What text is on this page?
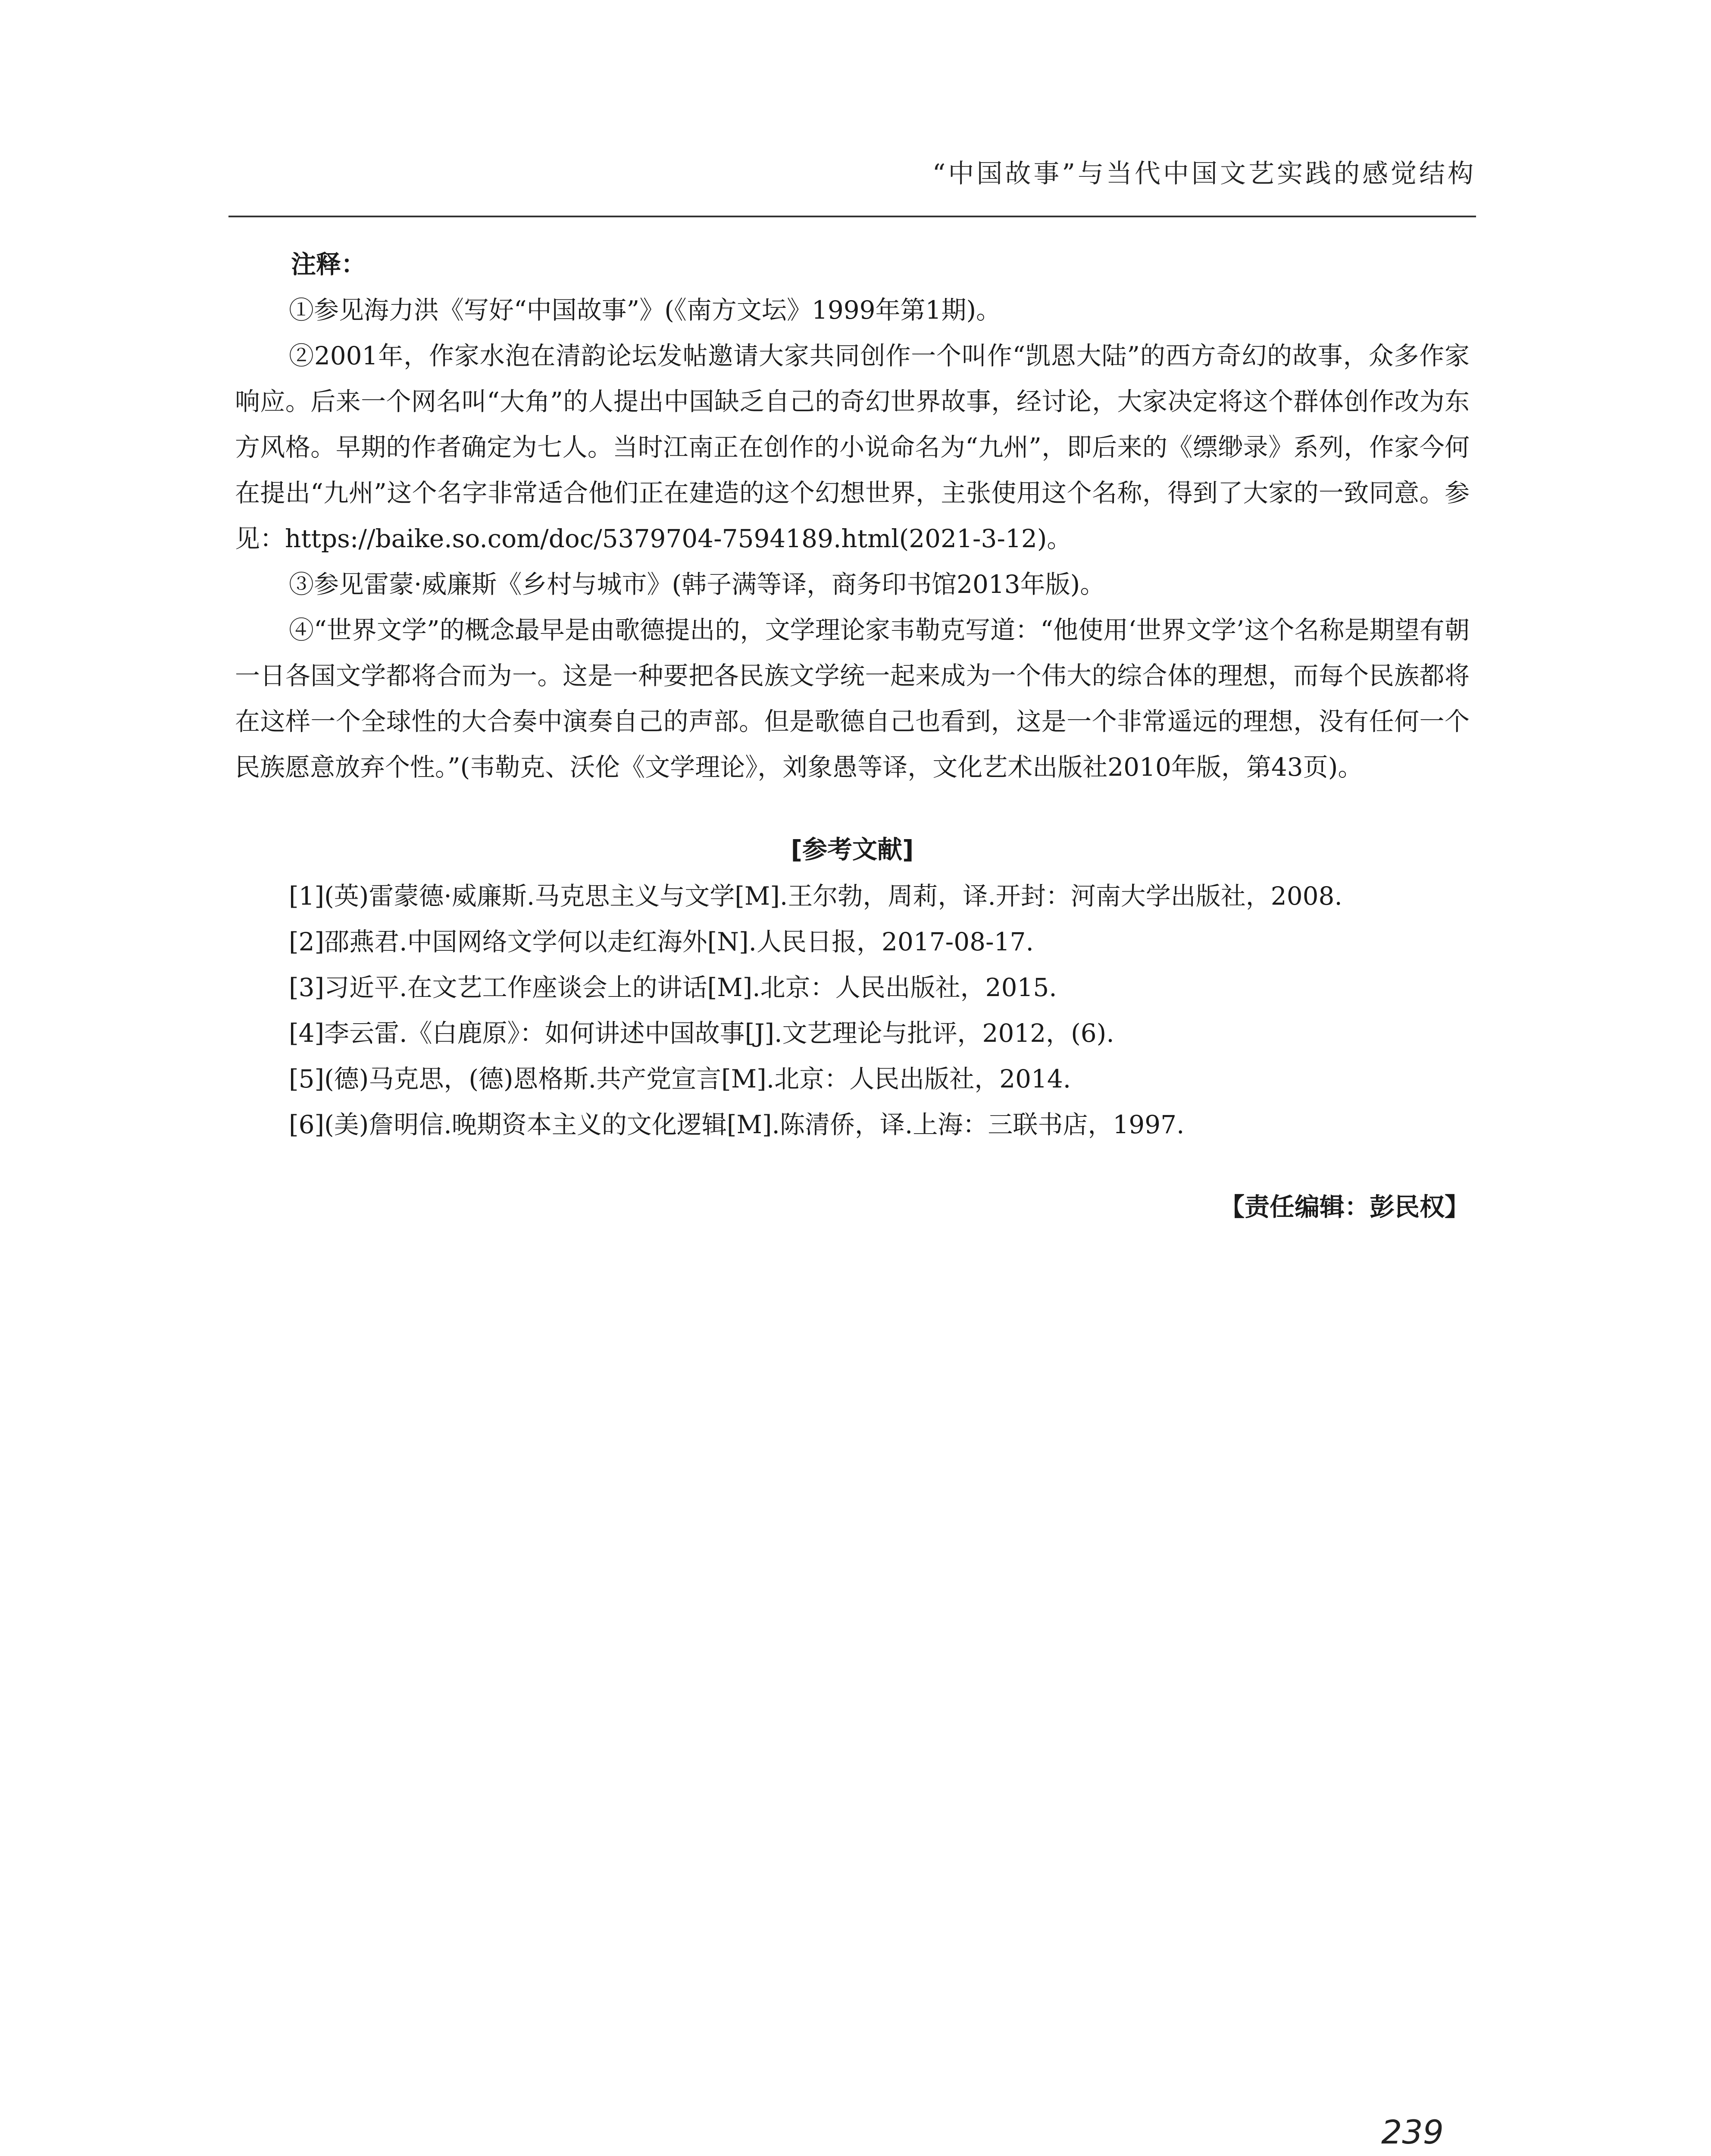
“中国故事”与当代中国文艺实践的感觉结构
注释：

①参见海力洪《写好“中国故事”》(《南方文坛》1999年第1期)。

②2001年，作家水泡在清韵论坛发帖邀请大家共同创作一个叫作“凯恩大陆”的西方奇幻的故事，众多作家响应。后来一个网名叫“大角”的人提出中国缺乏自己的奇幻世界故事，经讨论，大家决定将这个群体创作改为东方风格。早期的作者确定为七人。当时江南正在创作的小说命名为“九州”，即后来的《缥缈录》系列，作家今何在提出“九州”这个名字非常适合他们正在建造的这个幻想世界，主张使用这个名称，得到了大家的一致同意。参见：https://baike.so.com/doc/5379704-7594189.html(2021-3-12)。

③参见雷蒙·威廉斯《乡村与城市》(韩子满等译，商务印书馆2013年版)。

④“世界文学”的概念最早是由歌德提出的，文学理论家韦勒克写道：“他使用‘世界文学’这个名称是期望有朝一日各国文学都将合而为一。这是一种要把各民族文学统一起来成为一个伟大的综合体的理想，而每个民族都将在这样一个全球性的大合奏中演奏自己的声部。但是歌德自己也看到，这是一个非常遥远的理想，没有任何一个民族愿意放弃个性。”(韦勒克、沃伦《文学理论》，刘象愚等译，文化艺术出版社2010年版，第43页)。

[参考文献]

[1](英)雷蒙德·威廉斯.马克思主义与文学[M].王尔勃，周莉，译.开封：河南大学出版社，2008.

[2]邵燕君.中国网络文学何以走红海外[N].人民日报，2017-08-17.

[3]习近平.在文艺工作座谈会上的讲话[M].北京：人民出版社，2015.

[4]李云雷.《白鹿原》：如何讲述中国故事[J].文艺理论与批评，2012，(6).

[5](德)马克思，(德)恩格斯.共产党宣言[M].北京：人民出版社，2014.

[6](美)詹明信.晚期资本主义的文化逻辑[M].陈清侨，译.上海：三联书店，1997.

【责任编辑：彭民权】
239
